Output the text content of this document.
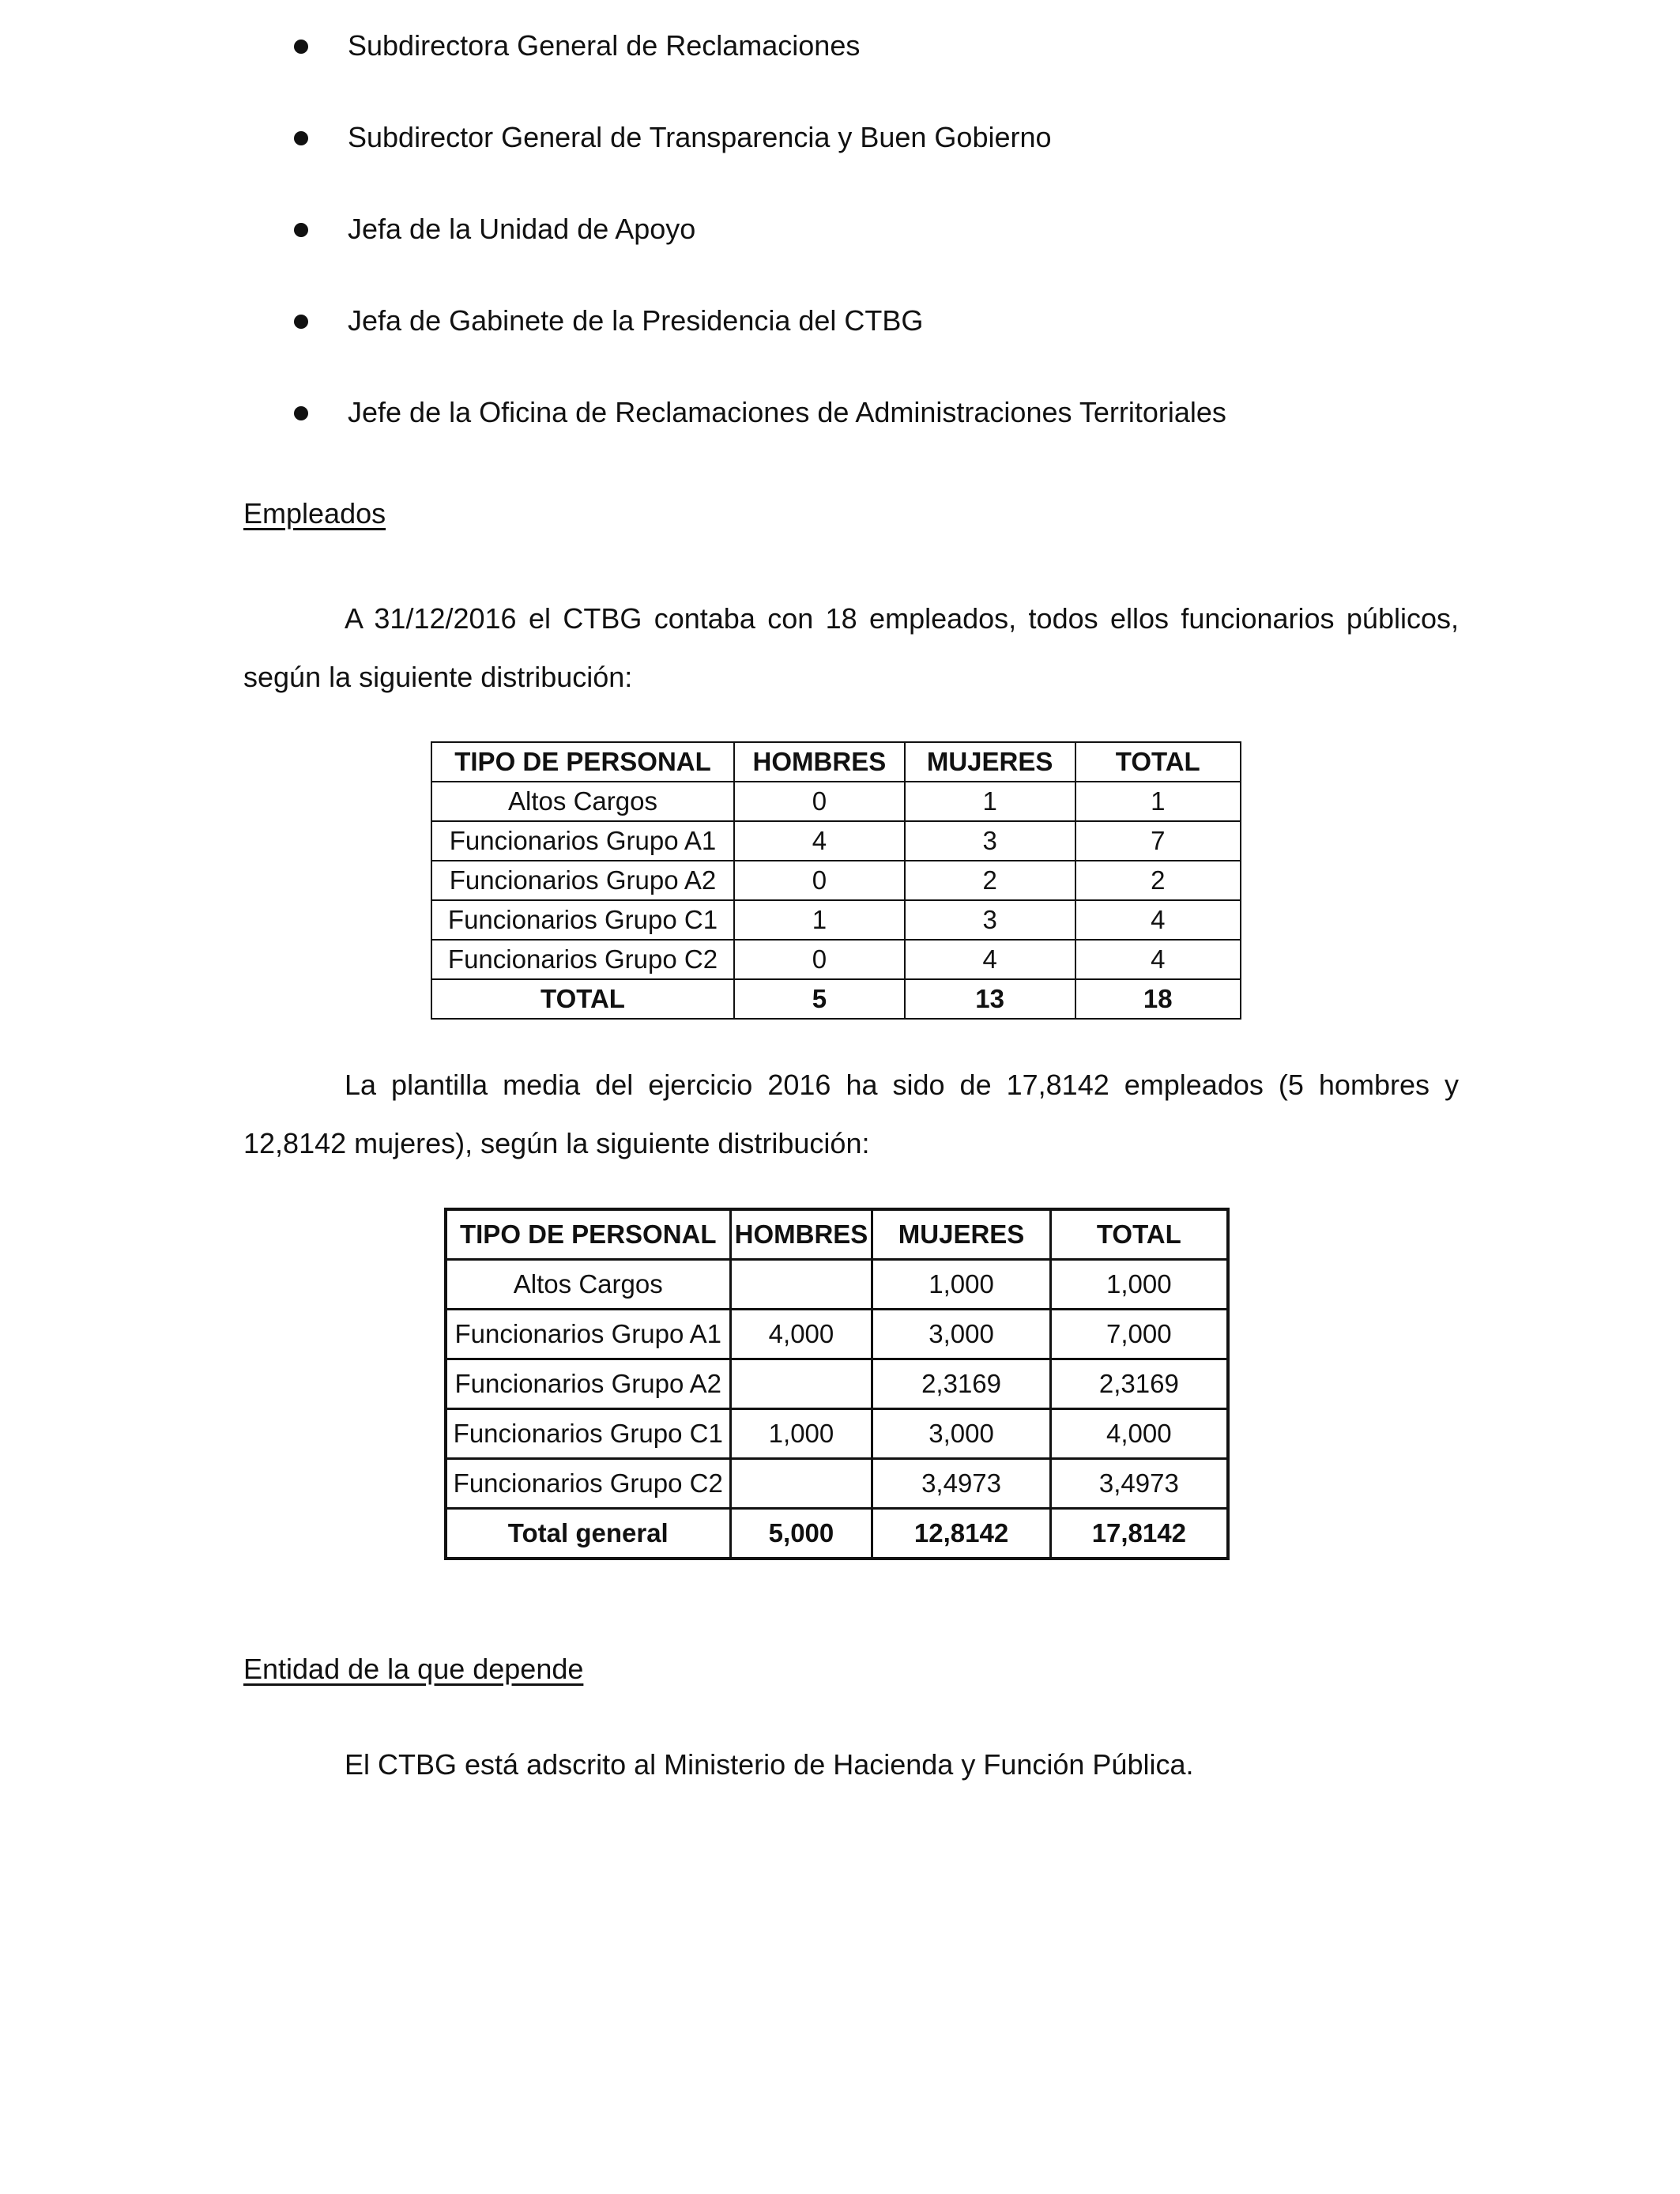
Subdirectora General de Reclamaciones
Subdirector General de Transparencia y Buen Gobierno
Jefa de la Unidad de Apoyo
Jefa de Gabinete de la Presidencia del CTBG
Jefe de la Oficina de Reclamaciones de Administraciones Territoriales
Empleados

A 31/12/2016 el CTBG contaba con 18 empleados, todos ellos funcionarios públicos, según la siguiente distribución:

TIPO DE PERSONAL	HOMBRES	MUJERES	TOTAL
Altos Cargos	0	1	1
Funcionarios Grupo A1	4	3	7
Funcionarios Grupo A2	0	2	2
Funcionarios Grupo C1	1	3	4
Funcionarios Grupo C2	0	4	4
TOTAL	5	13	18

La plantilla media del ejercicio 2016 ha sido de 17,8142 empleados (5 hombres y 12,8142 mujeres), según la siguiente distribución:

TIPO DE PERSONAL	HOMBRES	MUJERES	TOTAL
Altos Cargos		1,000	1,000
Funcionarios Grupo A1	4,000	3,000	7,000
Funcionarios Grupo A2		2,3169	2,3169
Funcionarios Grupo C1	1,000	3,000	4,000
Funcionarios Grupo C2		3,4973	3,4973
Total general	5,000	12,8142	17,8142
Entidad de la que depende

El CTBG está adscrito al Ministerio de Hacienda y Función Pública.
